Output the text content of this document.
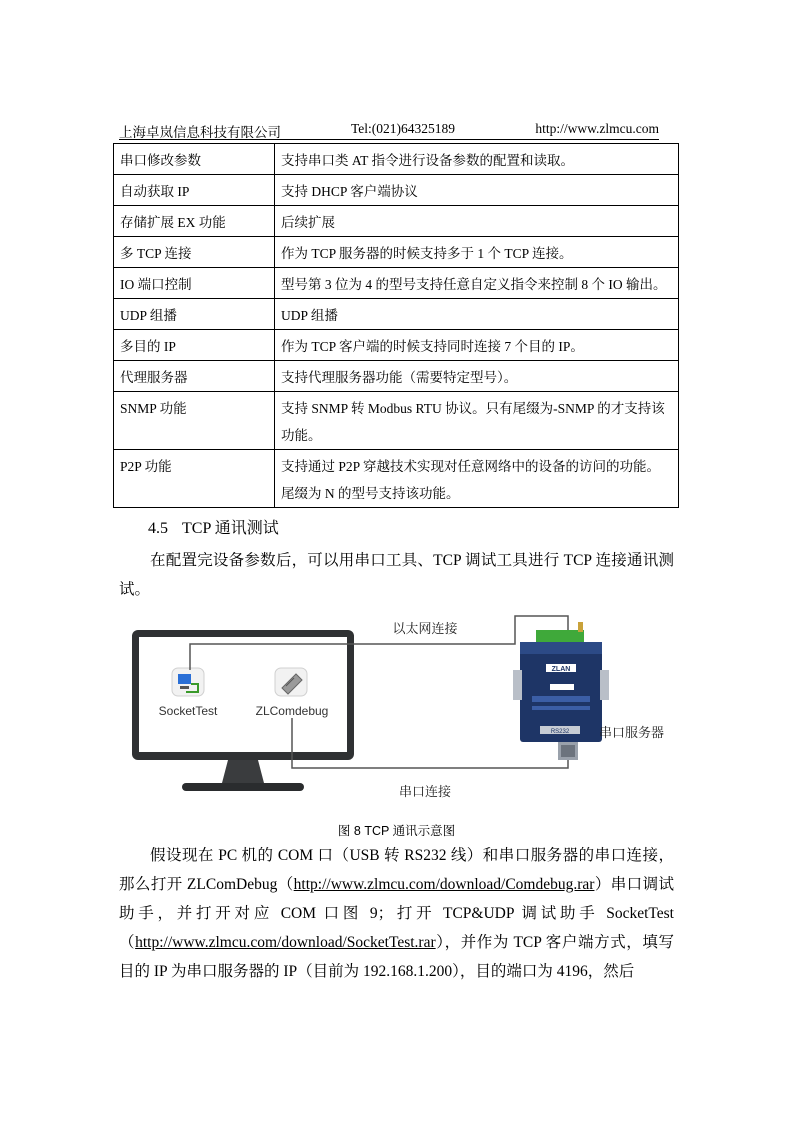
上海卓岚信息科技有限公司	Tel:(021)64325189	http://www.zlmcu.com
串口修改参数	支持串口类 AT 指令进行设备参数的配置和读取。
自动获取 IP	支持 DHCP 客户端协议
存储扩展 EX 功能	后续扩展
多 TCP 连接	作为 TCP 服务器的时候支持多于 1 个 TCP 连接。
IO 端口控制	型号第 3 位为 4 的型号支持任意自定义指令来控制 8 个 IO 输出。
UDP 组播	UDP 组播
多目的 IP	作为 TCP 客户端的时候支持同时连接 7 个目的 IP。
代理服务器	支持代理服务器功能（需要特定型号）。
SNMP 功能	支持 SNMP 转 Modbus RTU 协议。只有尾缀为-SNMP 的才支持该功能。
P2P 功能	支持通过 P2P 穿越技术实现对任意网络中的设备的访问的功能。尾缀为 N 的型号支持该功能。
4.5 TCP 通讯测试
在配置完设备参数后，可以用串口工具、TCP 调试工具进行 TCP 连接通讯测试。
SocketTest	ZLComdebug
以太网连接
串口连接
ZLAN
RS232 串口服务器
图 8 TCP 通讯示意图
假设现在 PC 机的 COM 口（USB 转 RS232 线）和串口服务器的串口连接，那么打开 ZLComDebug（http://www.zlmcu.com/download/Comdebug.rar）串口调试助手，并打开对应 COM 口图 9；打开 TCP&UDP 调试助手 SocketTest（http://www.zlmcu.com/download/SocketTest.rar），并作为 TCP 客户端方式，填写目的 IP 为串口服务器的 IP（目前为 192.168.1.200），目的端口为 4196，然后
